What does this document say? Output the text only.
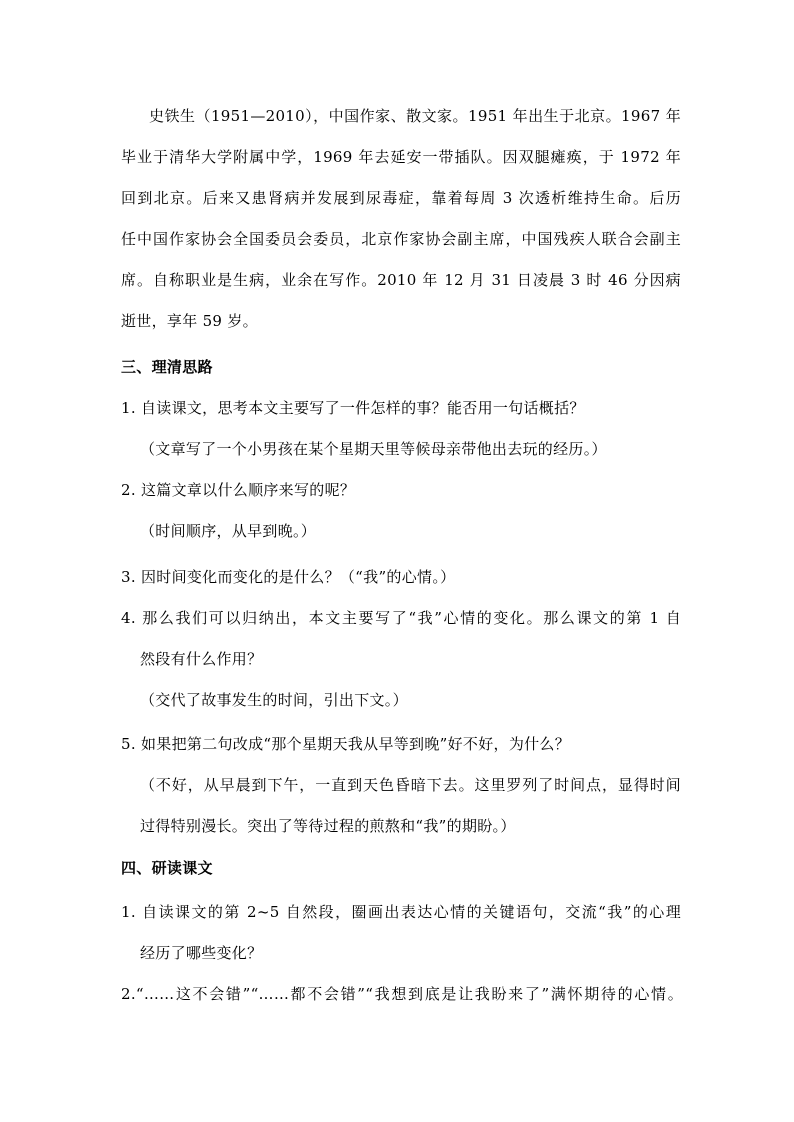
史铁生（1951—2010），中国作家、散文家。1951 年出生于北京。1967 年
毕业于清华大学附属中学，1969 年去延安一带插队。因双腿瘫痪，于 1972 年
回到北京。后来又患肾病并发展到尿毒症，靠着每周 3 次透析维持生命。后历
任中国作家协会全国委员会委员，北京作家协会副主席，中国残疾人联合会副主
席。自称职业是生病，业余在写作。2010 年 12 月 31 日凌晨 3 时 46 分因病
逝世，享年 59 岁。
三、理清思路
1. 自读课文，思考本文主要写了一件怎样的事？能否用一句话概括？
（文章写了一个小男孩在某个星期天里等候母亲带他出去玩的经历。）
2. 这篇文章以什么顺序来写的呢？
（时间顺序，从早到晚。）
3. 因时间变化而变化的是什么？（“我”的心情。）
4. 那么我们可以归纳出，本文主要写了“我”心情的变化。那么课文的第 1 自
然段有什么作用？
（交代了故事发生的时间，引出下文。）
5. 如果把第二句改成“那个星期天我从早等到晚”好不好，为什么？
（不好，从早晨到下午，一直到天色昏暗下去。这里罗列了时间点，显得时间
过得特别漫长。突出了等待过程的煎熬和“我”的期盼。）
四、研读课文
1. 自读课文的第 2~5 自然段，圈画出表达心情的关键语句，交流“我”的心理
经历了哪些变化？
2.“……这不会错”“……都不会错”“我想到底是让我盼来了”满怀期待的心情。
